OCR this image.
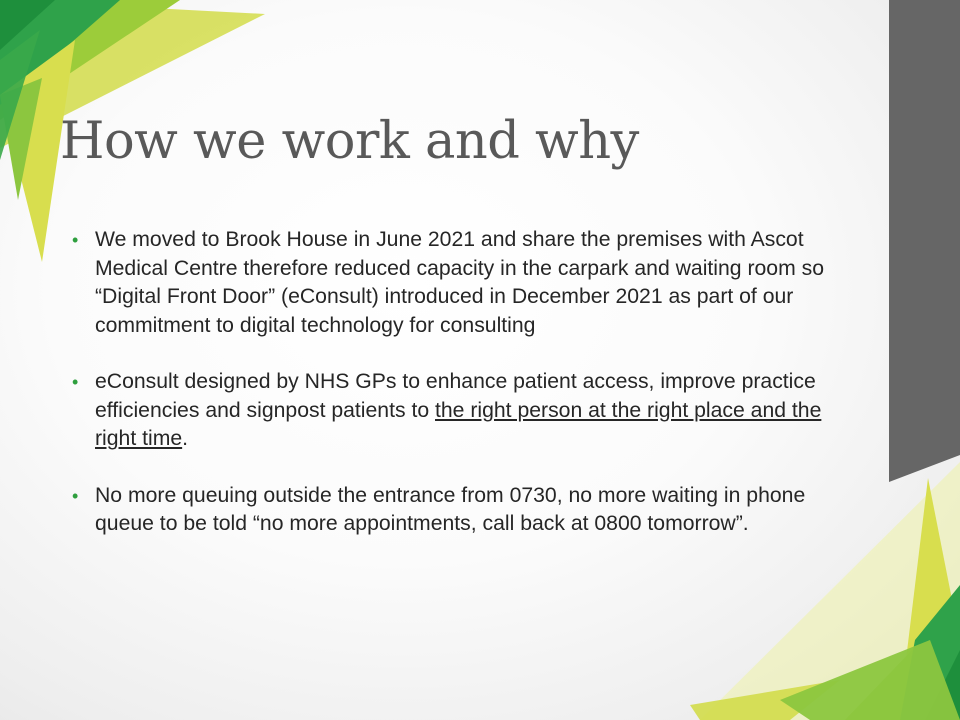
How we work and why
• We moved to Brook House in June 2021 and share the premises with Ascot Medical Centre therefore reduced capacity in the carpark and waiting room so “Digital Front Door” (eConsult) introduced in December 2021 as part of our commitment to digital technology for consulting
• eConsult designed by NHS GPs to enhance patient access, improve practice efficiencies and signpost patients to the right person at the right place and the right time.
• No more queuing outside the entrance from 0730, no more waiting in phone queue to be told “no more appointments, call back at 0800 tomorrow”.
